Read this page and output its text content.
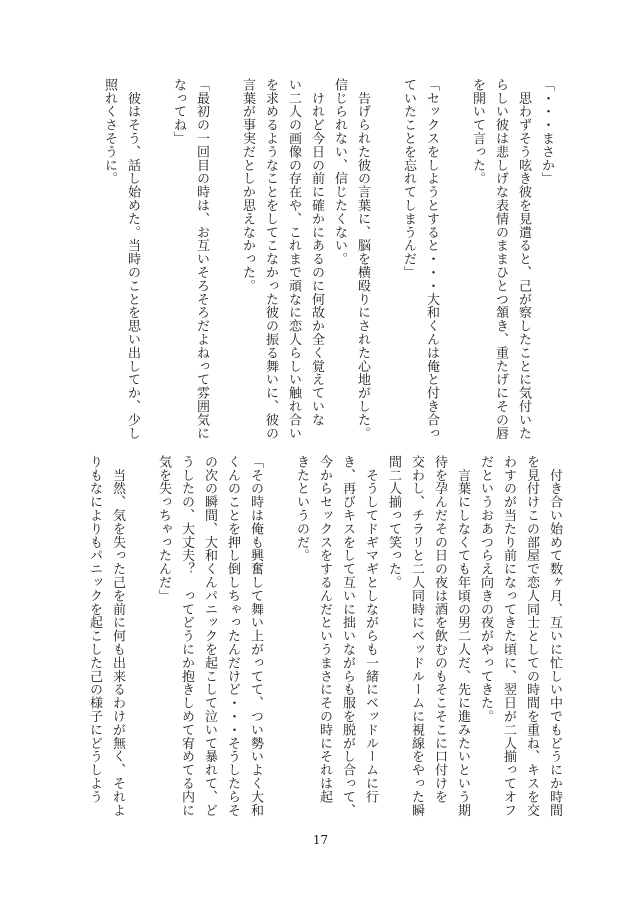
「・・・まさか」

　思わずそう呟き彼を見遣ると、己が察したことに気付いた

らしい彼は悲しげな表情のままひとつ頷き、重たげにその唇

を開いて言った。

「セックスをしようとすると・・・大和くんは俺と付き合っ

ていたことを忘れてしまうんだ」

　告げられた彼の言葉に、脳を横殴りにされた心地がした。

信じられない、信じたくない。

　けれど今日の前に確かにあるのに何故か全く覚えていな

い二人の画像の存在や、これまで頑なに恋人らしい触れ合い

を求めるようなことをしてこなかった彼の振る舞いに、彼の

言葉が事実だとしか思えなかった。

「最初の一回目の時は、お互いそろそろだよねって雰囲気に

なってね」

　彼はそう、話し始めた。当時のことを思い出してか、少し

照れくさそうに。

　付き合い始めて数ヶ月、互いに忙しい中でもどうにか時間

を見付けこの部屋で恋人同士としての時間を重ね、キスを交

わすのが当たり前になってきた頃に、翌日が二人揃ってオフ

だというおあつらえ向きの夜がやってきた。

　言葉にしなくても年頃の男二人だ、先に進みたいという期

待を孕んだその日の夜は酒を飲むのもそこそこに口付けを

交わし、チラリと二人同時にベッドルームに視線をやった瞬

間二人揃って笑った。

　そうしてドギマギとしながらも一緒にベッドルームに行

き、再びキスをして互いに拙いながらも服を脱がし合って、

今からセックスをするんだというまさにその時にそれは起

きたというのだ。

「その時は俺も興奮して舞い上がってて、つい勢いよく大和

くんのことを押し倒しちゃったんだけど・・・そうしたらそ

の次の瞬間、大和くんパニックを起こして泣いて暴れて、ど

うしたの、大丈夫？　ってどうにか抱きしめて宥めてる内に

気を失っちゃったんだ」

　当然、気を失った己を前に何も出来るわけが無く、それよ

りもなによりもパニックを起こした己の様子にどうしよう

17
